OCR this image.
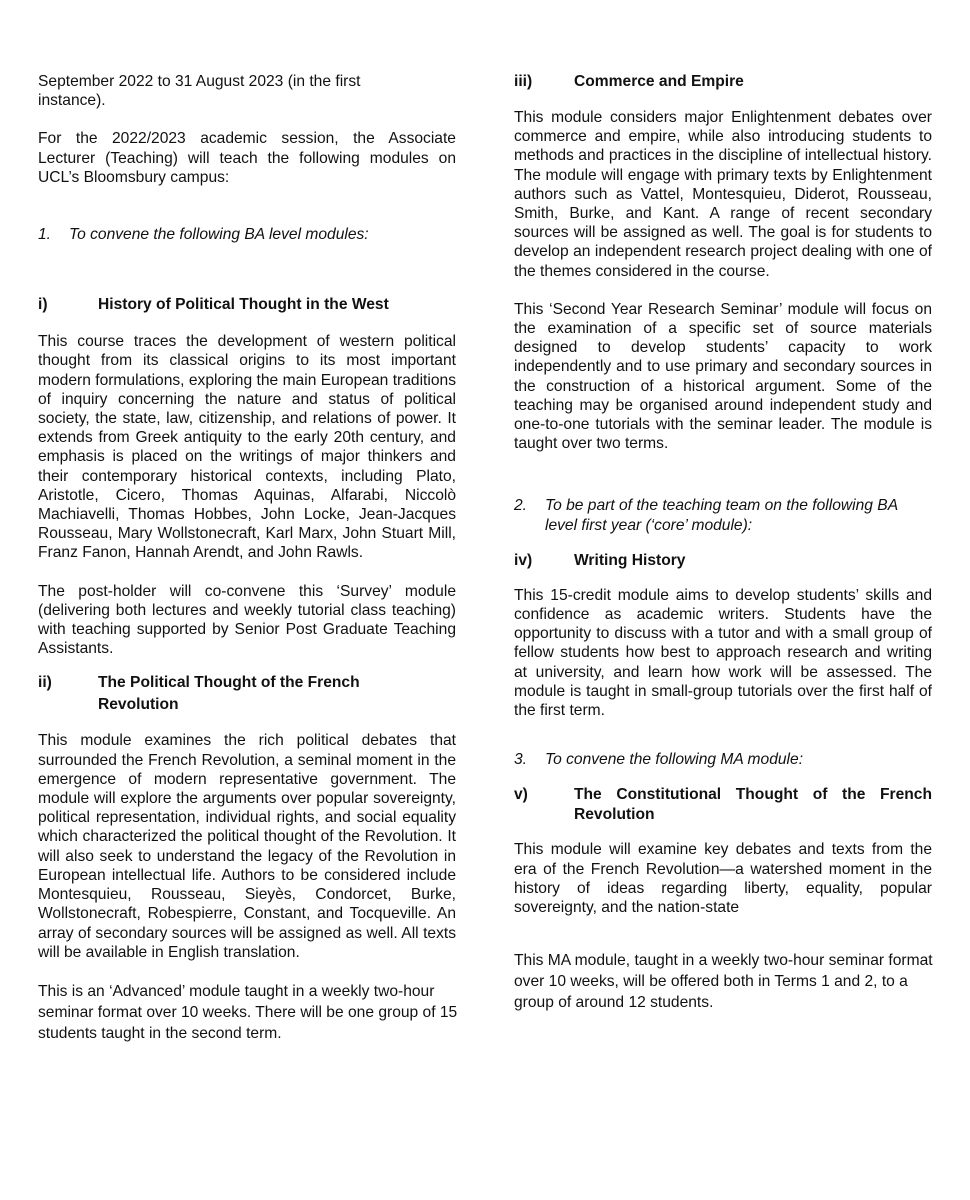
September 2022 to 31 August 2023 (in the first instance).

For the 2022/2023 academic session, the Associate Lecturer (Teaching) will teach the following modules on UCL’s Bloomsbury campus:

1.	To convene the following BA level modules:
i)	History of Political Thought in the West

This course traces the development of western political thought from its classical origins to its most important modern formulations, exploring the main European traditions of inquiry concerning the nature and status of political society, the state, law, citizenship, and relations of power. It extends from Greek antiquity to the early 20th century, and emphasis is placed on the writings of major thinkers and their contemporary historical contexts, including Plato, Aristotle, Cicero, Thomas Aquinas, Alfarabi, Niccolò Machiavelli, Thomas Hobbes, John Locke, Jean-Jacques Rousseau, Mary Wollstonecraft, Karl Marx, John Stuart Mill, Franz Fanon, Hannah Arendt, and John Rawls.

The post-holder will co-convene this ‘Survey’ module (delivering both lectures and weekly tutorial class teaching) with teaching supported by Senior Post Graduate Teaching Assistants.

ii)	The Political Thought of the French Revolution

This module examines the rich political debates that surrounded the French Revolution, a seminal moment in the emergence of modern representative government. The module will explore the arguments over popular sovereignty, political representation, individual rights, and social equality which characterized the political thought of the Revolution. It will also seek to understand the legacy of the Revolution in European intellectual life. Authors to be considered include Montesquieu, Rousseau, Sieyès, Condorcet, Burke, Wollstonecraft, Robespierre, Constant, and Tocqueville. An array of secondary sources will be assigned as well. All texts will be available in English translation.

This is an ‘Advanced’ module taught in a weekly two-hour seminar format over 10 weeks. There will be one group of 15 students taught in the second term.

iii)	Commerce and Empire

This module considers major Enlightenment debates over commerce and empire, while also introducing students to methods and practices in the discipline of intellectual history. The module will engage with primary texts by Enlightenment authors such as Vattel, Montesquieu, Diderot, Rousseau, Smith, Burke, and Kant. A range of recent secondary sources will be assigned as well. The goal is for students to develop an independent research project dealing with one of the themes considered in the course.

This ‘Second Year Research Seminar’ module will focus on the examination of a specific set of source materials designed to develop students’ capacity to work independently and to use primary and secondary sources in the construction of a historical argument. Some of the teaching may be organised around independent study and one-to-one tutorials with the seminar leader. The module is taught over two terms.

2.	To be part of the teaching team on the following BA level first year (‘core’ module):
iv)	Writing History

This 15-credit module aims to develop students’ skills and confidence as academic writers. Students have the opportunity to discuss with a tutor and with a small group of fellow students how best to approach research and writing at university, and learn how work will be assessed. The module is taught in small-group tutorials over the first half of the first term.

3.	To convene the following MA module:
v)	The Constitutional Thought of the French Revolution

This module will examine key debates and texts from the era of the French Revolution—a watershed moment in the history of ideas regarding liberty, equality, popular sovereignty, and the nation-state

This MA module, taught in a weekly two-hour seminar format over 10 weeks, will be offered both in Terms 1 and 2, to a group of around 12 students.
